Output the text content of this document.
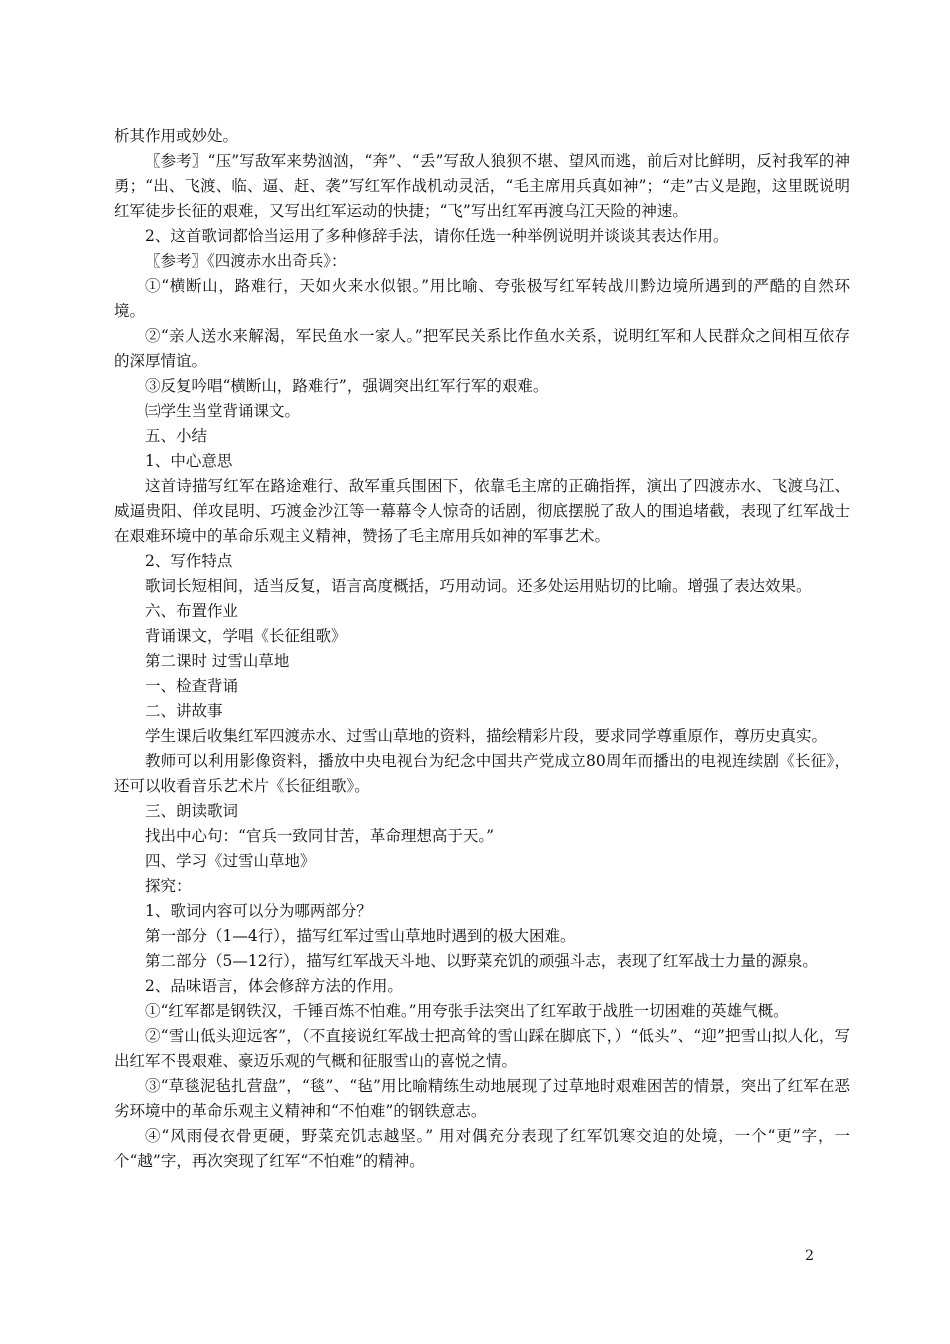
析其作用或妙处。

〖参考〗“压”写敌军来势汹汹，“奔”、“丢”写敌人狼狈不堪、望风而逃，前后对比鲜明，反衬我军的神勇；“出、飞渡、临、逼、赶、袭”写红军作战机动灵活，“毛主席用兵真如神”；“走”古义是跑，这里既说明红军徒步长征的艰难，又写出红军运动的快捷；“飞”写出红军再渡乌江天险的神速。

2、这首歌词都恰当运用了多种修辞手法，请你任选一种举例说明并谈谈其表达作用。

〖参考〗《四渡赤水出奇兵》：

①“横断山，路难行，天如火来水似银。”用比喻、夸张极写红军转战川黔边境所遇到的严酷的自然环境。

②“亲人送水来解渴，军民鱼水一家人。”把军民关系比作鱼水关系，说明红军和人民群众之间相互依存的深厚情谊。

③反复吟唱“横断山，路难行”，强调突出红军行军的艰难。

㈢学生当堂背诵课文。

五、小结

1、中心意思

这首诗描写红军在路途难行、敌军重兵围困下，依靠毛主席的正确指挥，演出了四渡赤水、飞渡乌江、威逼贵阳、佯攻昆明、巧渡金沙江等一幕幕令人惊奇的话剧，彻底摆脱了敌人的围追堵截，表现了红军战士在艰难环境中的革命乐观主义精神，赞扬了毛主席用兵如神的军事艺术。

2、写作特点

歌词长短相间，适当反复，语言高度概括，巧用动词。还多处运用贴切的比喻。增强了表达效果。

六、布置作业

背诵课文，学唱《长征组歌》

第二课时 过雪山草地

一、检查背诵

二、讲故事

学生课后收集红军四渡赤水、过雪山草地的资料，描绘精彩片段，要求同学尊重原作，尊历史真实。

教师可以利用影像资料，播放中央电视台为纪念中国共产党成立80周年而播出的电视连续剧《长征》，还可以收看音乐艺术片《长征组歌》。

三、朗读歌词

找出中心句：“官兵一致同甘苦，革命理想高于天。”

四、学习《过雪山草地》

探究：

1、歌词内容可以分为哪两部分？

第一部分（1—4行），描写红军过雪山草地时遇到的极大困难。

第二部分（5—12行），描写红军战天斗地、以野菜充饥的顽强斗志，表现了红军战士力量的源泉。

2、品味语言，体会修辞方法的作用。

①“红军都是钢铁汉，千锤百炼不怕难。”用夸张手法突出了红军敢于战胜一切困难的英雄气概。

②“雪山低头迎远客”，（不直接说红军战士把高耸的雪山踩在脚底下，）“低头”、“迎”把雪山拟人化，写出红军不畏艰难、豪迈乐观的气概和征服雪山的喜悦之情。

③“草毯泥毡扎营盘”，“毯”、“毡”用比喻精练生动地展现了过草地时艰难困苦的情景，突出了红军在恶劣环境中的革命乐观主义精神和“不怕难”的钢铁意志。

④“风雨侵衣骨更硬，野菜充饥志越坚。” 用对偶充分表现了红军饥寒交迫的处境，一个“更”字，一个“越”字，再次突现了红军“不怕难”的精神。

2
